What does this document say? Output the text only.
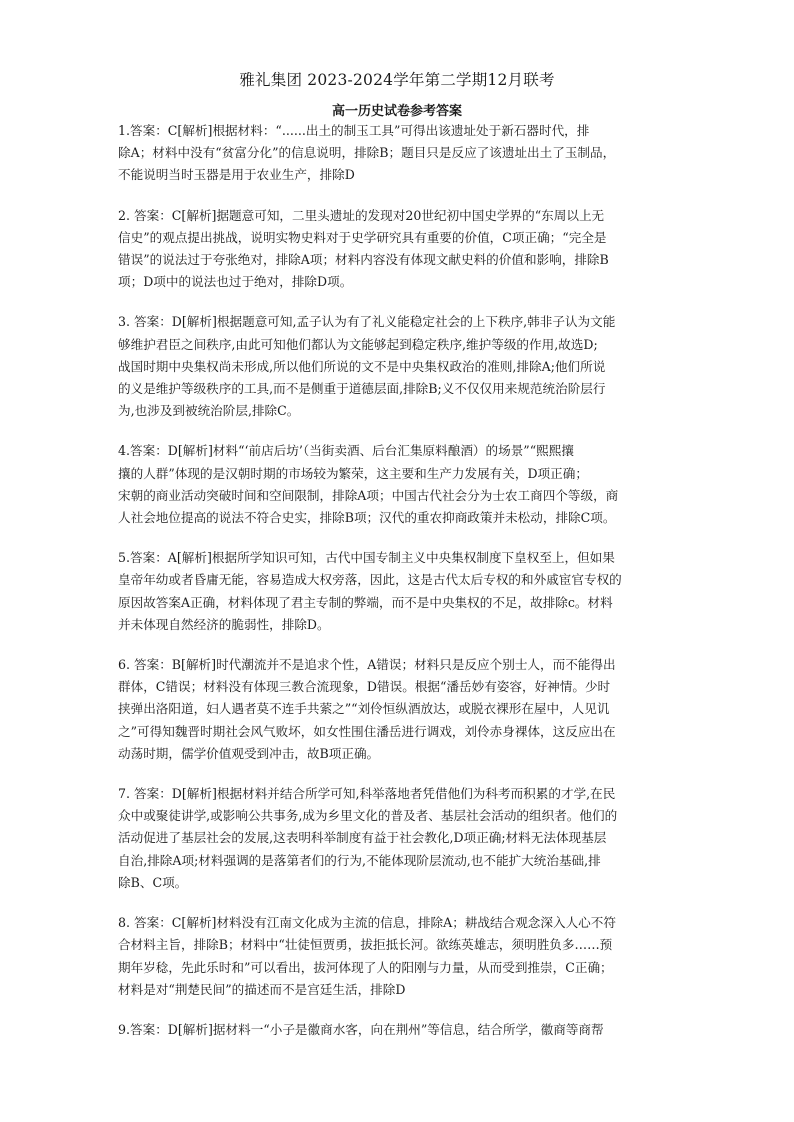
雅礼集团 2023-2024学年第二学期12月联考
高一历史试卷参考答案

1.答案：C[解析]根据材料：“......出土的制玉工具”可得出该遗址处于新石器时代，排

除A；材料中没有“贫富分化”的信息说明，排除B；题目只是反应了该遗址出土了玉制品，

不能说明当时玉器是用于农业生产，排除D

2. 答案：C[解析]据题意可知，二里头遗址的发现对20世纪初中国史学界的“东周以上无

信史”的观点提出挑战，说明实物史料对于史学研究具有重要的价值，C项正确；“完全是

错误”的说法过于夸张绝对，排除A项；材料内容没有体现文献史料的价值和影响，排除B

项；D项中的说法也过于绝对，排除D项。

3. 答案：D[解析]根据题意可知,孟子认为有了礼义能稳定社会的上下秩序,韩非子认为文能

够维护君臣之间秩序,由此可知他们都认为文能够起到稳定秩序,维护等级的作用,故选D;

战国时期中央集权尚未形成,所以他们所说的文不是中央集权政治的准则,排除A;他们所说

的义是维护等级秩序的工具,而不是侧重于道德层面,排除B;义不仅仅用来规范统治阶层行

为,也涉及到被统治阶层,排除C。

4.答案：D[解析]材料“‘前店后坊’（当街卖酒、后台汇集原料酿酒）的场景”“熙熙攘

攘的人群”体现的是汉朝时期的市场较为繁荣，这主要和生产力发展有关，D项正确；

宋朝的商业活动突破时间和空间限制，排除A项；中国古代社会分为士农工商四个等级，商

人社会地位提高的说法不符合史实，排除B项；汉代的重农抑商政策并未松动，排除C项。

5.答案：A[解析]根据所学知识可知，古代中国专制主义中央集权制度下皇权至上，但如果

皇帝年幼或者昏庸无能，容易造成大权旁落，因此，这是古代太后专权的和外戚宦官专权的

原因故答案A正确，材料体现了君主专制的弊端，而不是中央集权的不足，故排除c。材料

并未体现自然经济的脆弱性，排除D。

6. 答案：B[解析]时代潮流并不是追求个性，A错误；材料只是反应个别士人，而不能得出

群体，C错误；材料没有体现三教合流现象，D错误。根据“潘岳妙有姿容，好神情。少时

挟弹出洛阳道，妇人遇者莫不连手共萦之”“刘伶恒纵酒放达，或脱衣裸形在屋中，人见讥

之”可得知魏晋时期社会风气败坏，如女性围住潘岳进行调戏，刘伶赤身裸体，这反应出在

动荡时期，儒学价值观受到冲击，故B项正确。

7. 答案：D[解析]根据材料并结合所学可知,科举落地者凭借他们为科考而积累的才学,在民

众中或聚徒讲学,或影响公共事务,成为乡里文化的普及者、基层社会活动的组织者。他们的

活动促进了基层社会的发展,这表明科举制度有益于社会教化,D项正确;材料无法体现基层

自治,排除A项;材料强调的是落第者们的行为,不能体现阶层流动,也不能扩大统治基础,排

除B、C项。

8. 答案：C[解析]材料没有江南文化成为主流的信息，排除A；耕战结合观念深入人心不符

合材料主旨，排除B；材料中“壮徒恒贾勇，拔拒抵长河。欲练英雄志，须明胜负多……预

期年岁稔，先此乐时和”可以看出，拔河体现了人的阳刚与力量，从而受到推崇，C正确；

材料是对“荆楚民间”的描述而不是宫廷生活，排除D

9.答案：D[解析]据材料一“小子是徽商水客，向在荆州”等信息，结合所学，徽商等商帮
